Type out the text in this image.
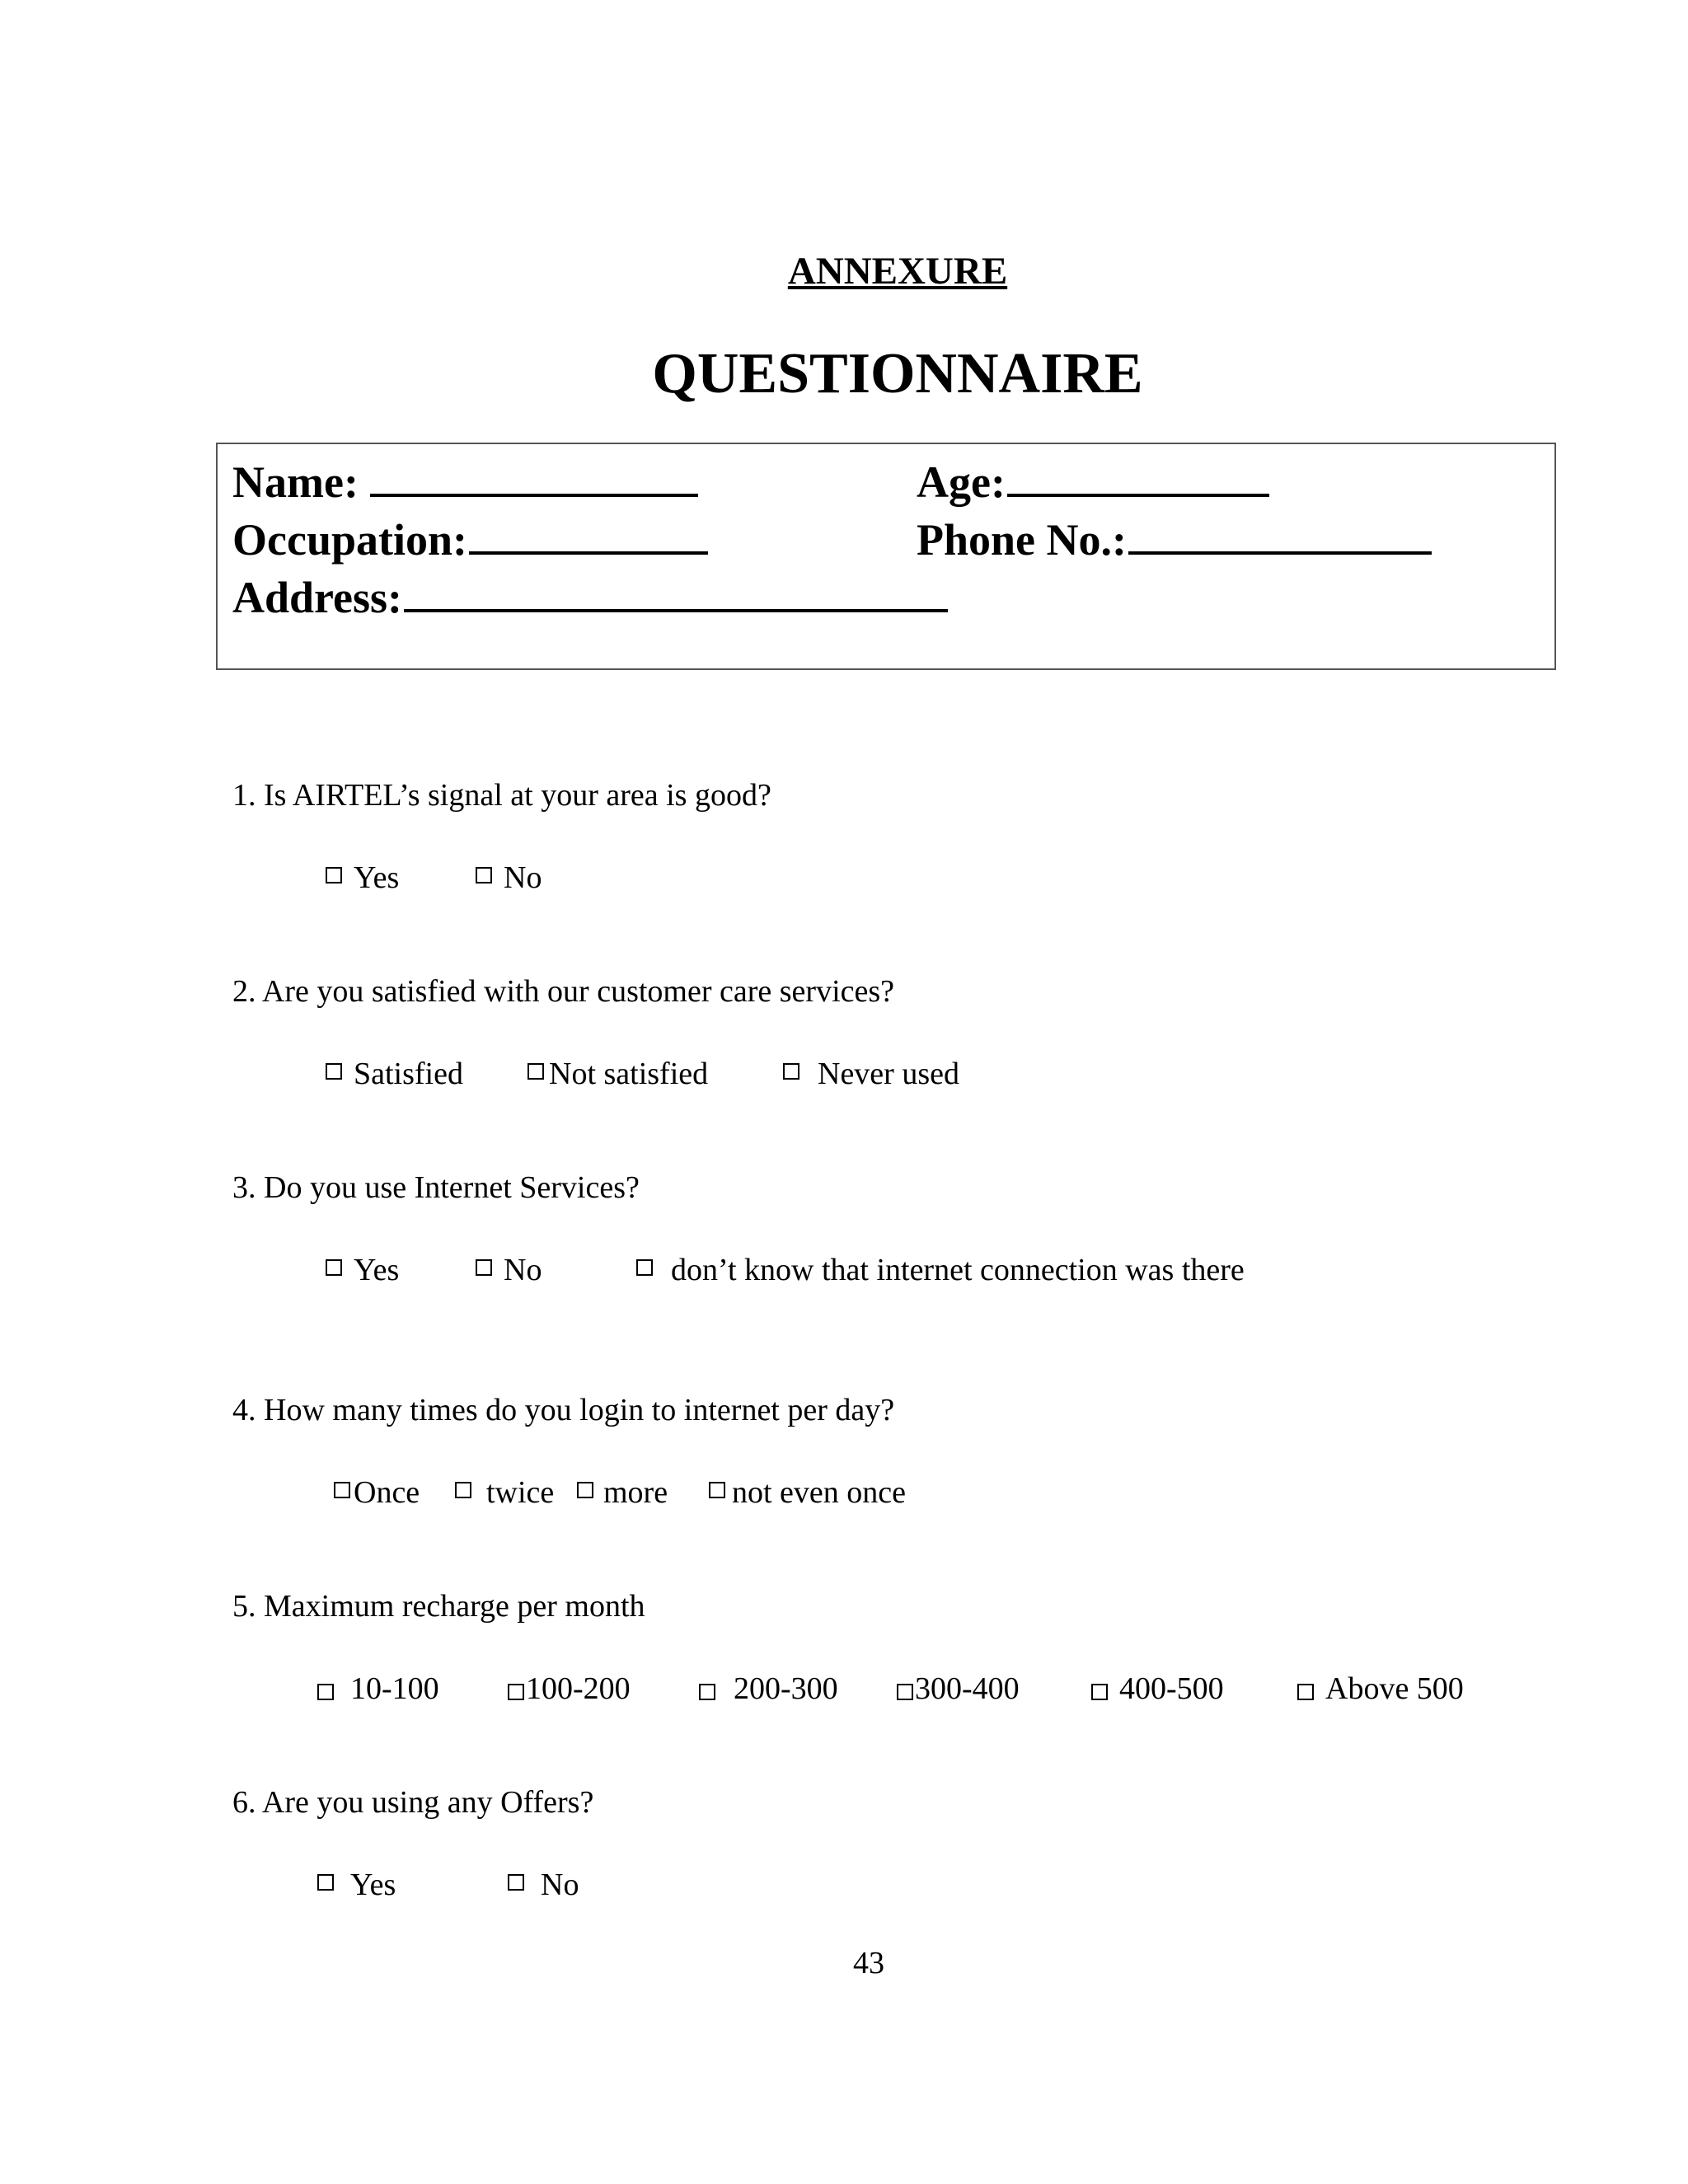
ANNEXURE
QUESTIONNAIRE
Name:	Age:
Occupation:	Phone No.:
Address:
1. Is AIRTEL’s signal at your area is good?
Yes	No
2. Are you satisfied with our customer care services?
Satisfied	Not satisfied	Never used
3. Do you use Internet Services?
Yes	No	don’t know that internet connection was there
4. How many times do you login to internet per day?
Once twice more not even once
5. Maximum recharge per month
10-100	100-200	200-300 300-400	400-500	Above 500
6. Are you using any Offers?
Yes	No
43
